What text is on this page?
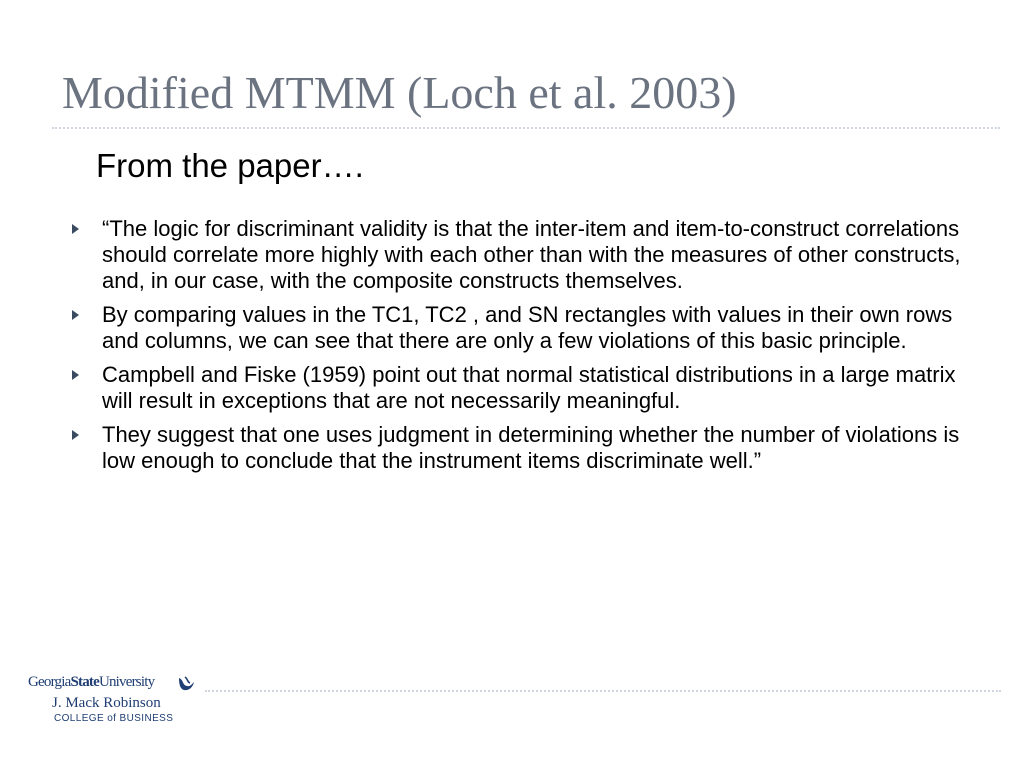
Modified MTMM (Loch et al. 2003)
From the paper….
“The logic for discriminant validity is that the inter-item and item-to-construct correlations should correlate more highly with each other than with the measures of other constructs, and, in our case, with the composite constructs themselves.
By comparing values in the TC1, TC2 , and SN rectangles with values in their own rows and columns, we can see that there are only a few violations of this basic principle.
Campbell and Fiske (1959) point out that normal statistical distributions in a large matrix will result in exceptions that are not necessarily meaningful.
They suggest that one uses judgment in determining whether the number of violations is low enough to conclude that the instrument items discriminate well.”
GeorgiaStateUniversity
J. Mack Robinson
COLLEGE of BUSINESS
